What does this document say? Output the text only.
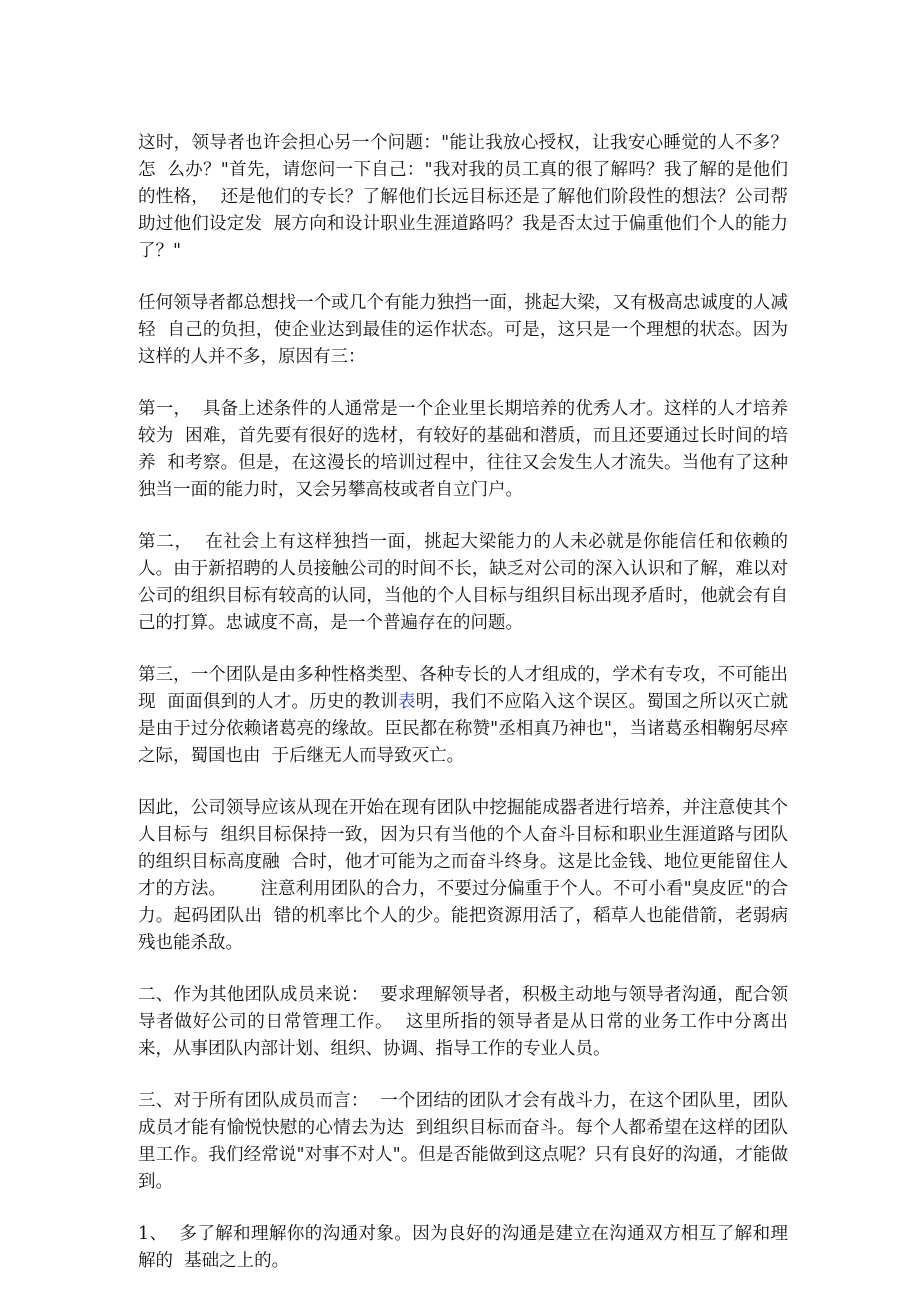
这时，领导者也许会担心另一个问题："能让我放心授权，让我安心睡觉的人不多？怎  么办？"首先，请您问一下自己："我对我的员工真的很了解吗？我了解的是他们的性格，  还是他们的专长？了解他们长远目标还是了解他们阶段性的想法？公司帮助过他们设定发  展方向和设计职业生涯道路吗？我是否太过于偏重他们个人的能力了？"

任何领导者都总想找一个或几个有能力独挡一面，挑起大梁，又有极高忠诚度的人减轻  自己的负担，使企业达到最佳的运作状态。可是，这只是一个理想的状态。因为这样的人并不多，原因有三：

第一，  具备上述条件的人通常是一个企业里长期培养的优秀人才。这样的人才培养较为  困难，首先要有很好的选材，有较好的基础和潜质，而且还要通过长时间的培养  和考察。但是，在这漫长的培训过程中，往往又会发生人才流失。当他有了这种  独当一面的能力时，又会另攀高枝或者自立门户。

第二，  在社会上有这样独挡一面，挑起大梁能力的人未必就是你能信任和依赖的人。由于新招聘的人员接触公司的时间不长，缺乏对公司的深入认识和了解，难以对公司的组织目标有较高的认同，当他的个人目标与组织目标出现矛盾时，他就会有自己的打算。忠诚度不高，是一个普遍存在的问题。

第三，一个团队是由多种性格类型、各种专长的人才组成的，学术有专攻，不可能出现  面面俱到的人才。历史的教训表明，我们不应陷入这个误区。蜀国之所以灭亡就是由于过分依赖诸葛亮的缘故。臣民都在称赞"丞相真乃神也"，当诸葛丞相鞠躬尽瘁之际，蜀国也由  于后继无人而导致灭亡。

因此，公司领导应该从现在开始在现有团队中挖掘能成器者进行培养，并注意使其个人目标与  组织目标保持一致，因为只有当他的个人奋斗目标和职业生涯道路与团队的组织目标高度融  合时，他才可能为之而奋斗终身。这是比金钱、地位更能留住人才的方法。      注意利用团队的合力，不要过分偏重于个人。不可小看"臭皮匠"的合力。起码团队出  错的机率比个人的少。能把资源用活了，稻草人也能借箭，老弱病残也能杀敌。

二、作为其他团队成员来说：  要求理解领导者，积极主动地与领导者沟通，配合领导者做好公司的日常管理工作。  这里所指的领导者是从日常的业务工作中分离出来，从事团队内部计划、组织、协调、指导工作的专业人员。

三、对于所有团队成员而言：  一个团结的团队才会有战斗力，在这个团队里，团队成员才能有愉悦快慰的心情去为达  到组织目标而奋斗。每个人都希望在这样的团队里工作。我们经常说"对事不对人"。但是否能做到这点呢？只有良好的沟通，才能做到。

1、  多了解和理解你的沟通对象。因为良好的沟通是建立在沟通双方相互了解和理解的  基础之上的。
